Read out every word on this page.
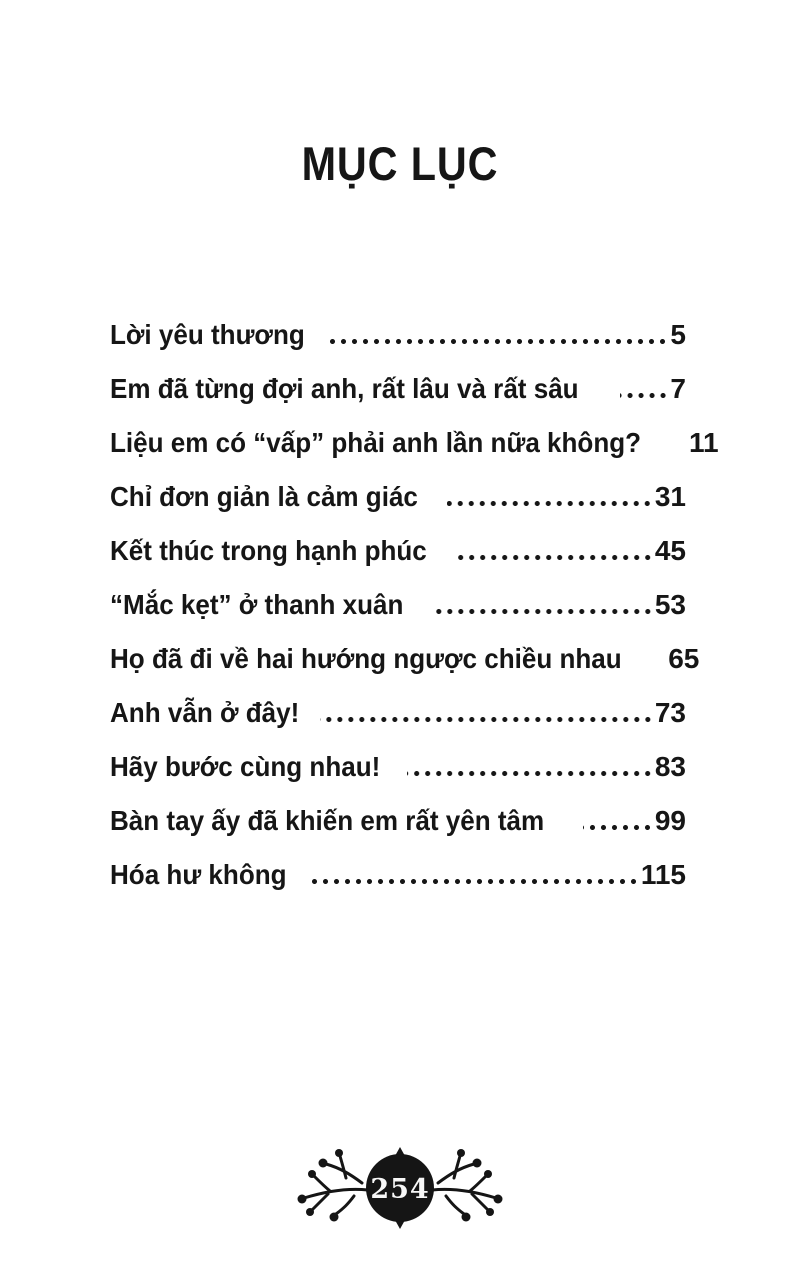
MỤC LỤC
Lời yêu thương	5
Em đã từng đợi anh, rất lâu và rất sâu	7
Liệu em có “vấp” phải anh lần nữa không? 11
Chỉ đơn giản là cảm giác	31
Kết thúc trong hạnh phúc	45
“Mắc kẹt” ở thanh xuân	53
Họ đã đi về hai hướng ngược chiều nhau 65
Anh vẫn ở đây!	73
Hãy bước cùng nhau!	83
Bàn tay ấy đã khiến em rất yên tâm	99
Hóa hư không	115
254
